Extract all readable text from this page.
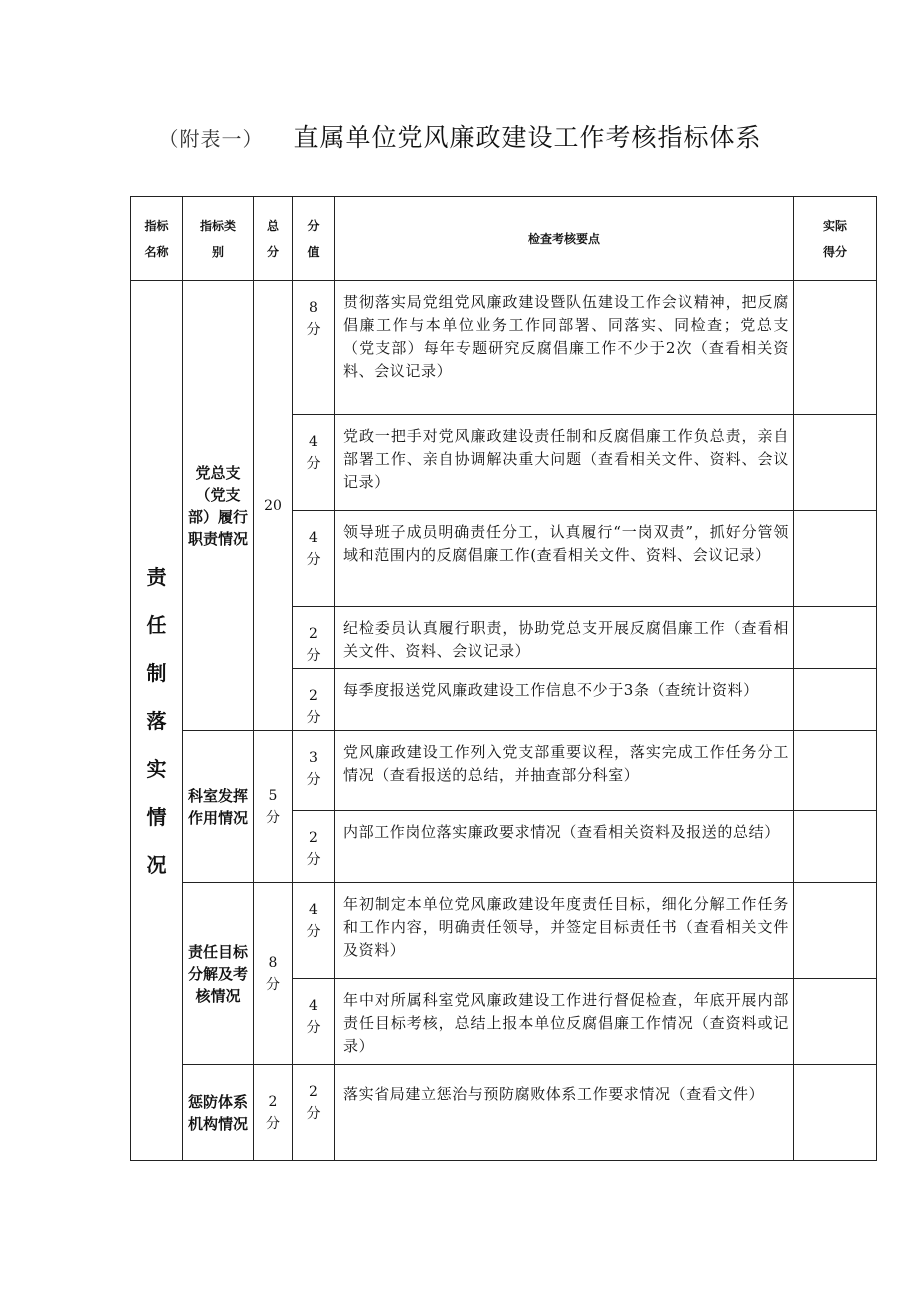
（附表一） 直属单位党风廉政建设工作考核指标体系
指标名称	指标类别	总分	分值	检查考核要点	实际得分
责任制落实情况	党总支（党支部）履行职责情况	20	8分	贯彻落实局党组党风廉政建设暨队伍建设工作会议精神，把反腐倡廉工作与本单位业务工作同部署、同落实、同检查；党总支（党支部）每年专题研究反腐倡廉工作不少于2次（查看相关资料、会议记录）	
			4分	党政一把手对党风廉政建设责任制和反腐倡廉工作负总责，亲自部署工作、亲自协调解决重大问题（查看相关文件、资料、会议记录）	
			4分	领导班子成员明确责任分工，认真履行“一岗双责”，抓好分管领域和范围内的反腐倡廉工作(查看相关文件、资料、会议记录）	
			2分	纪检委员认真履行职责，协助党总支开展反腐倡廉工作（查看相关文件、资料、会议记录）	
			2分	每季度报送党风廉政建设工作信息不少于3条（查统计资料）	
	科室发挥作用情况	5分	3分	党风廉政建设工作列入党支部重要议程，落实完成工作任务分工情况（查看报送的总结，并抽查部分科室）	
			2分	内部工作岗位落实廉政要求情况（查看相关资料及报送的总结）	
	责任目标分解及考核情况	8分	4分	年初制定本单位党风廉政建设年度责任目标，细化分解工作任务和工作内容，明确责任领导，并签定目标责任书（查看相关文件及资料）	
			4分	年中对所属科室党风廉政建设工作进行督促检查，年底开展内部责任目标考核，总结上报本单位反腐倡廉工作情况（查资料或记录）	
	惩防体系机构情况	2分	2分	落实省局建立惩治与预防腐败体系工作要求情况（查看文件）	
